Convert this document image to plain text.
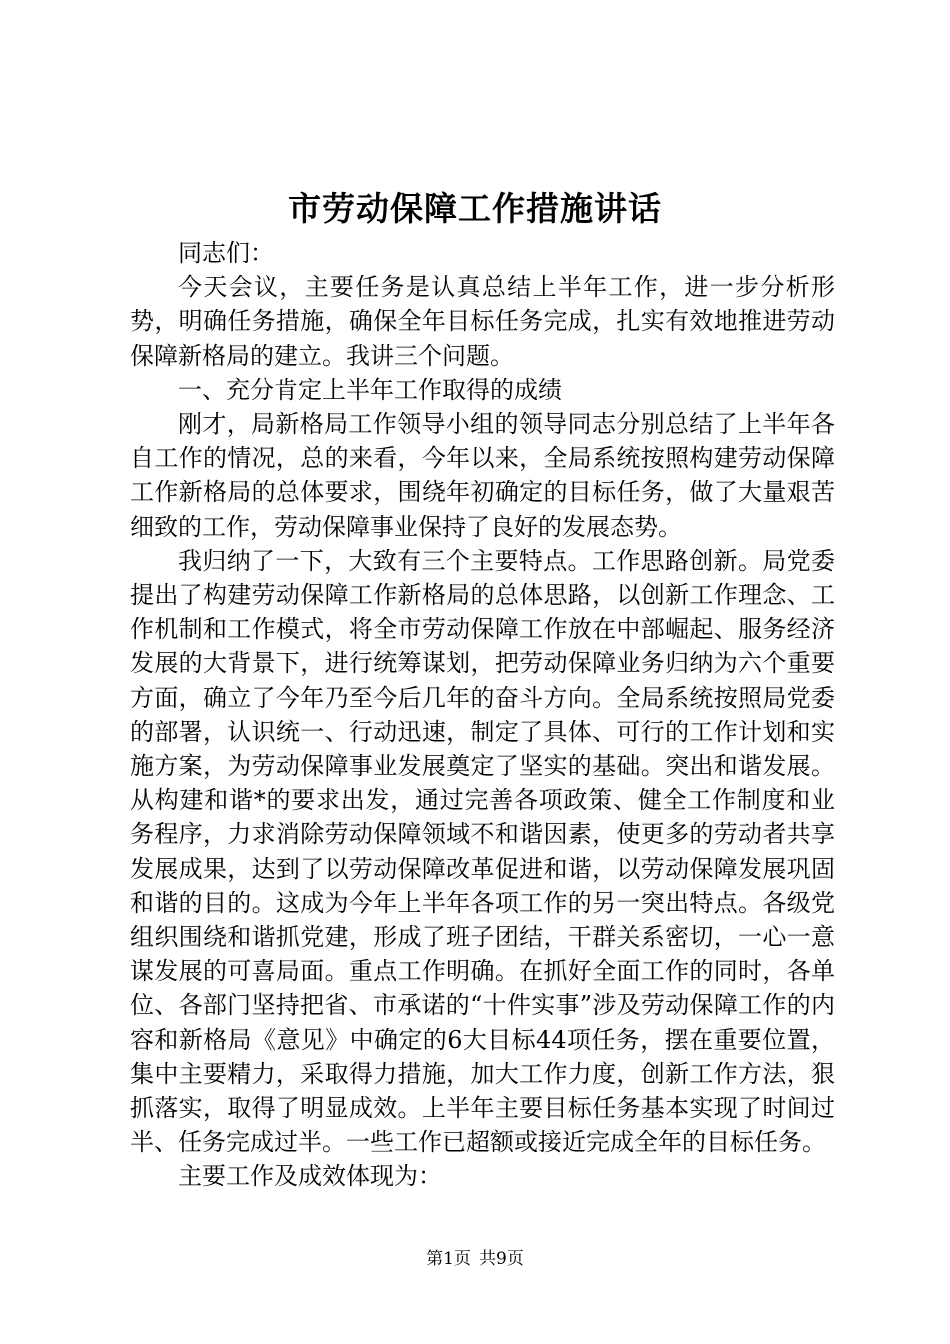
市劳动保障工作措施讲话

同志们：

今天会议，主要任务是认真总结上半年工作，进一步分析形势，明确任务措施，确保全年目标任务完成，扎实有效地推进劳动保障新格局的建立。我讲三个问题。

一、充分肯定上半年工作取得的成绩

刚才，局新格局工作领导小组的领导同志分别总结了上半年各自工作的情况，总的来看，今年以来，全局系统按照构建劳动保障工作新格局的总体要求，围绕年初确定的目标任务，做了大量艰苦细致的工作，劳动保障事业保持了良好的发展态势。

我归纳了一下，大致有三个主要特点。工作思路创新。局党委提出了构建劳动保障工作新格局的总体思路，以创新工作理念、工作机制和工作模式，将全市劳动保障工作放在中部崛起、服务经济发展的大背景下，进行统筹谋划，把劳动保障业务归纳为六个重要方面，确立了今年乃至今后几年的奋斗方向。全局系统按照局党委的部署，认识统一、行动迅速，制定了具体、可行的工作计划和实施方案，为劳动保障事业发展奠定了坚实的基础。突出和谐发展。从构建和谐*的要求出发，通过完善各项政策、健全工作制度和业务程序，力求消除劳动保障领域不和谐因素，使更多的劳动者共享发展成果，达到了以劳动保障改革促进和谐，以劳动保障发展巩固和谐的目的。这成为今年上半年各项工作的另一突出特点。各级党组织围绕和谐抓党建，形成了班子团结，干群关系密切，一心一意谋发展的可喜局面。重点工作明确。在抓好全面工作的同时，各单位、各部门坚持把省、市承诺的“十件实事”涉及劳动保障工作的内容和新格局《意见》中确定的6大目标44项任务，摆在重要位置，集中主要精力，采取得力措施，加大工作力度，创新工作方法，狠抓落实，取得了明显成效。上半年主要目标任务基本实现了时间过半、任务完成过半。一些工作已超额或接近完成全年的目标任务。

主要工作及成效体现为：

第1页 共9页
